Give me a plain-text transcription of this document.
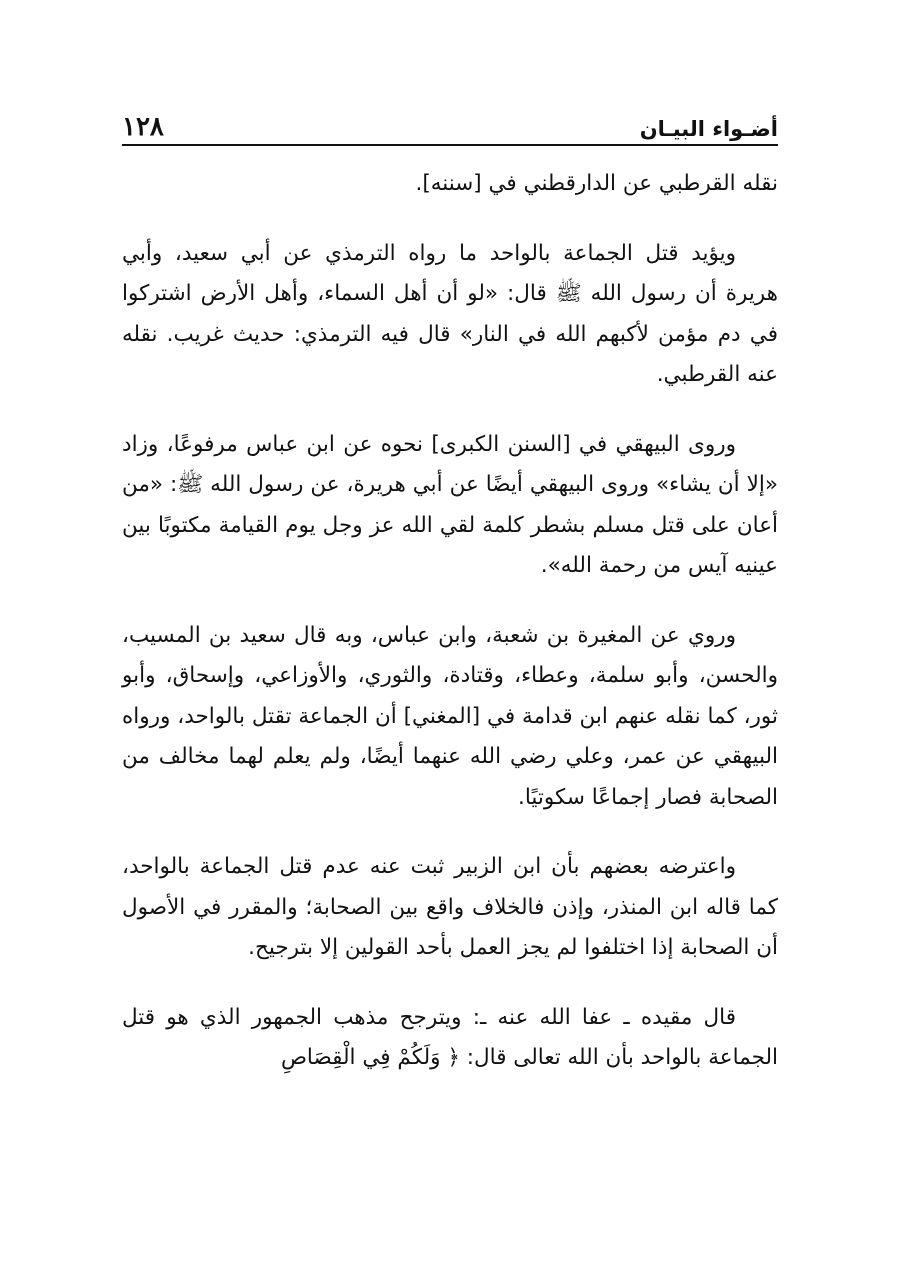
أضـواء البيـان
١٢٨

نقله القرطبي عن الدارقطني في [سننه].

ويؤيد قتل الجماعة بالواحد ما رواه الترمذي عن أبي سعيد، وأبي هريرة أن رسول الله ﷺ قال: «لو أن أهل السماء، وأهل الأرض اشتركوا في دم مؤمن لأكبهم الله في النار» قال فيه الترمذي: حديث غريب. نقله عنه القرطبي.

وروى البيهقي في [السنن الكبرى] نحوه عن ابن عباس مرفوعًا، وزاد «إلا أن يشاء» وروى البيهقي أيضًا عن أبي هريرة، عن رسول الله ﷺ: «من أعان على قتل مسلم بشطر كلمة لقي الله عز وجل يوم القيامة مكتوبًا بين عينيه آيس من رحمة الله».

وروي عن المغيرة بن شعبة، وابن عباس، وبه قال سعيد بن المسيب، والحسن، وأبو سلمة، وعطاء، وقتادة، والثوري، والأوزاعي، وإسحاق، وأبو ثور، كما نقله عنهم ابن قدامة في [المغني] أن الجماعة تقتل بالواحد، ورواه البيهقي عن عمر، وعلي رضي الله عنهما أيضًا، ولم يعلم لهما مخالف من الصحابة فصار إجماعًا سكوتيًا.

واعترضه بعضهم بأن ابن الزبير ثبت عنه عدم قتل الجماعة بالواحد، كما قاله ابن المنذر، وإذن فالخلاف واقع بين الصحابة؛ والمقرر في الأصول أن الصحابة إذا اختلفوا لم يجز العمل بأحد القولين إلا بترجيح.

قال مقيده ـ عفا الله عنه ـ: ويترجح مذهب الجمهور الذي هو قتل الجماعة بالواحد بأن الله تعالى قال: ﴿ وَلَكُمْ فِي الْقِصَاصِ
